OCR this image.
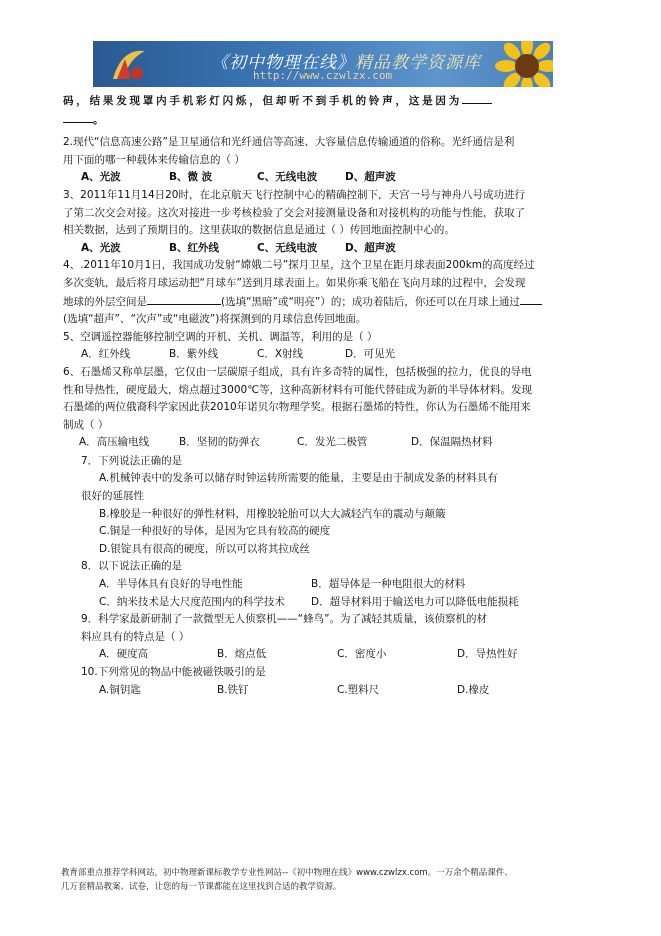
《初中物理在线》精品教学资源库
http://www.czwlzx.com

码，结果发现罩内手机彩灯闪烁，但却听不到手机的铃声，这是因为

。

2.现代“信息高速公路”是卫星通信和光纤通信等高速、大容量信息传输通道的俗称。光纤通信是利

用下面的哪一种载体来传输信息的（ ）

A、光波	B、微 波	C、无线电波	D、超声波

3、2011年11月14日20时，在北京航天飞行控制中心的精确控制下，天宫一号与神舟八号成功进行

了第二次交会对接。这次对接进一步考核检验了交会对接测量设备和对接机构的功能与性能，获取了

相关数据，达到了预期目的。这里获取的数据信息是通过（ ）传回地面控制中心的。

A、光波	B、红外线	C、无线电波	D、超声波

4、.2011年10月1日，我国成功发射“嫦娥二号”探月卫星，这个卫星在距月球表面200km的高度经过

多次变轨，最后将月球运动把“月球车”送到月球表面上。如果你乘飞船在飞向月球的过程中，会发现

地球的外层空间是	(选填“黑暗”或“明亮”）的；成功着陆后，你还可以在月球上通过

(选填“超声”、“次声”或“电磁波”)将探测到的月球信息传回地面。

5、空调遥控器能够控制空调的开机、关机、调温等，利用的是（ ）

A．红外线	B．紫外线	C．X射线	D．可见光

6、石墨烯又称单层墨，它仅由一层碳原子组成，具有许多奇特的属性，包括极强的拉力，优良的导电

性和导热性，硬度最大，熔点超过3000℃等，这种高新材料有可能代替硅成为新的半导体材料。发现

石墨烯的两位俄裔科学家因此获2010年诺贝尔物理学奖。根据石墨烯的特性，你认为石墨烯不能用来

制成（ ）

A．高压输电线	B．坚韧的防弹衣	C．发光二极管	D．保温隔热材料

7．下列说法正确的是

A.机械钟表中的发条可以储存时钟运转所需要的能量，主要是由于制成发条的材料具有

很好的延展性

B.橡胶是一种很好的弹性材料，用橡胶轮胎可以大大减轻汽车的震动与颠簸

C.铜是一种很好的导体，是因为它具有较高的硬度

D.银锭具有很高的硬度，所以可以将其拉成丝

8．以下说法正确的是

A．半导体具有良好的导电性能	B．超导体是一种电阻很大的材料

C．纳米技术是大尺度范围内的科学技术	D．超导材料用于输送电力可以降低电能损耗

9．科学家最新研制了一款微型无人侦察机——“蜂鸟”。为了减轻其质量，该侦察机的材

料应具有的特点是（ ）

A．硬度高	B．熔点低	C．密度小	D．导热性好

10.下列常见的物品中能被磁铁吸引的是

A.铜钥匙	B.铁钉	C.塑料尺	D.橡皮

教育部重点推荐学科网站，初中物理新课标教学专业性网站--《初中物理在线》www.czwlzx.com。一万余个精品课件、
几万套精品教案、试卷，让您的每一节课都能在这里找到合适的教学资源。
